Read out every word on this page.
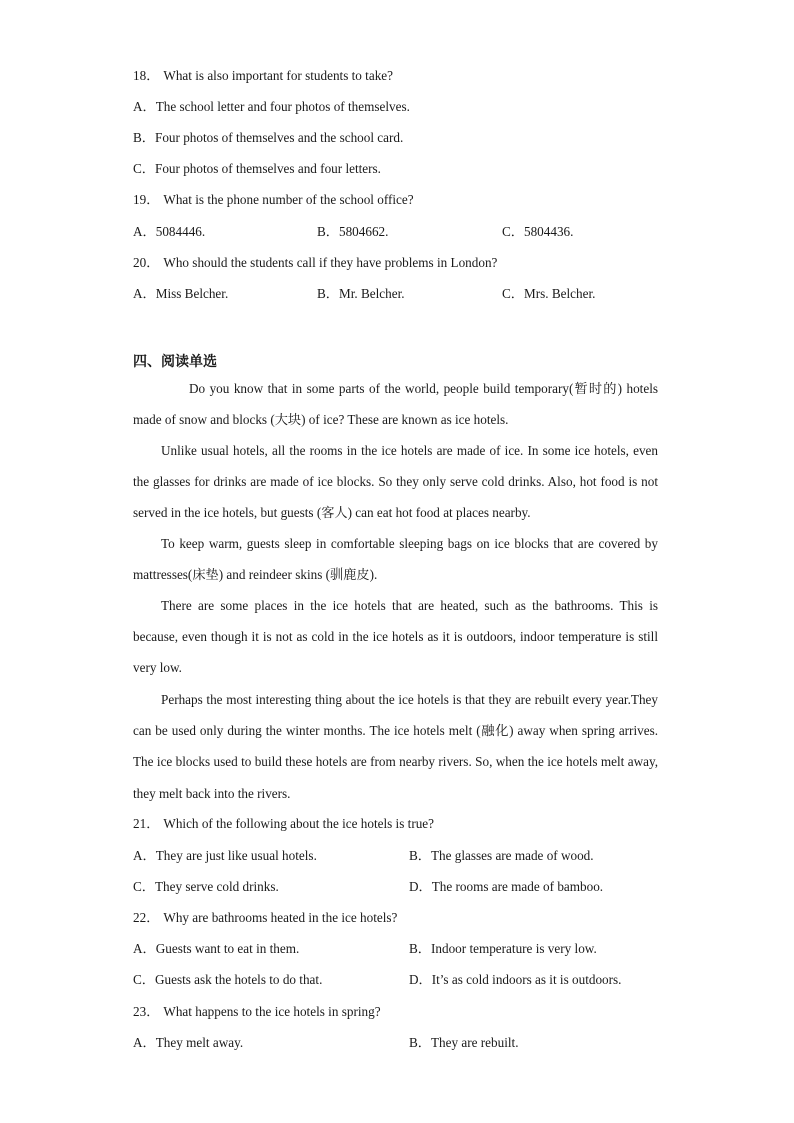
18． What is also important for students to take?
A．The school letter and four photos of themselves.
B．Four photos of themselves and the school card.
C．Four photos of themselves and four letters.
19． What is the phone number of the school office?
A．5084446.	B．5804662.	C．5804436.
20． Who should the students call if they have problems in London?
A．Miss Belcher.	B．Mr. Belcher.	C．Mrs. Belcher.
四、阅读单选
Do you know that in some parts of the world, people build temporary(暂时的) hotels made of snow and blocks (大块) of ice? These are known as ice hotels.
Unlike usual hotels, all the rooms in the ice hotels are made of ice. In some ice hotels, even the glasses for drinks are made of ice blocks. So they only serve cold drinks. Also, hot food is not served in the ice hotels, but guests (客人) can eat hot food at places nearby.
To keep warm, guests sleep in comfortable sleeping bags on ice blocks that are covered by mattresses(床垫) and reindeer skins (驯鹿皮).
There are some places in the ice hotels that are heated, such as the bathrooms. This is because, even though it is not as cold in the ice hotels as it is outdoors, indoor temperature is still very low.
Perhaps the most interesting thing about the ice hotels is that they are rebuilt every year.They can be used only during the winter months. The ice hotels melt (融化) away when spring arrives. The ice blocks used to build these hotels are from nearby rivers. So, when the ice hotels melt away, they melt back into the rivers.
21． Which of the following about the ice hotels is true?
A．They are just like usual hotels.	B．The glasses are made of wood.
C．They serve cold drinks.	D．The rooms are made of bamboo.
22． Why are bathrooms heated in the ice hotels?
A．Guests want to eat in them.	B．Indoor temperature is very low.
C．Guests ask the hotels to do that.	D．It’s as cold indoors as it is outdoors.
23． What happens to the ice hotels in spring?
A．They melt away.	B．They are rebuilt.
